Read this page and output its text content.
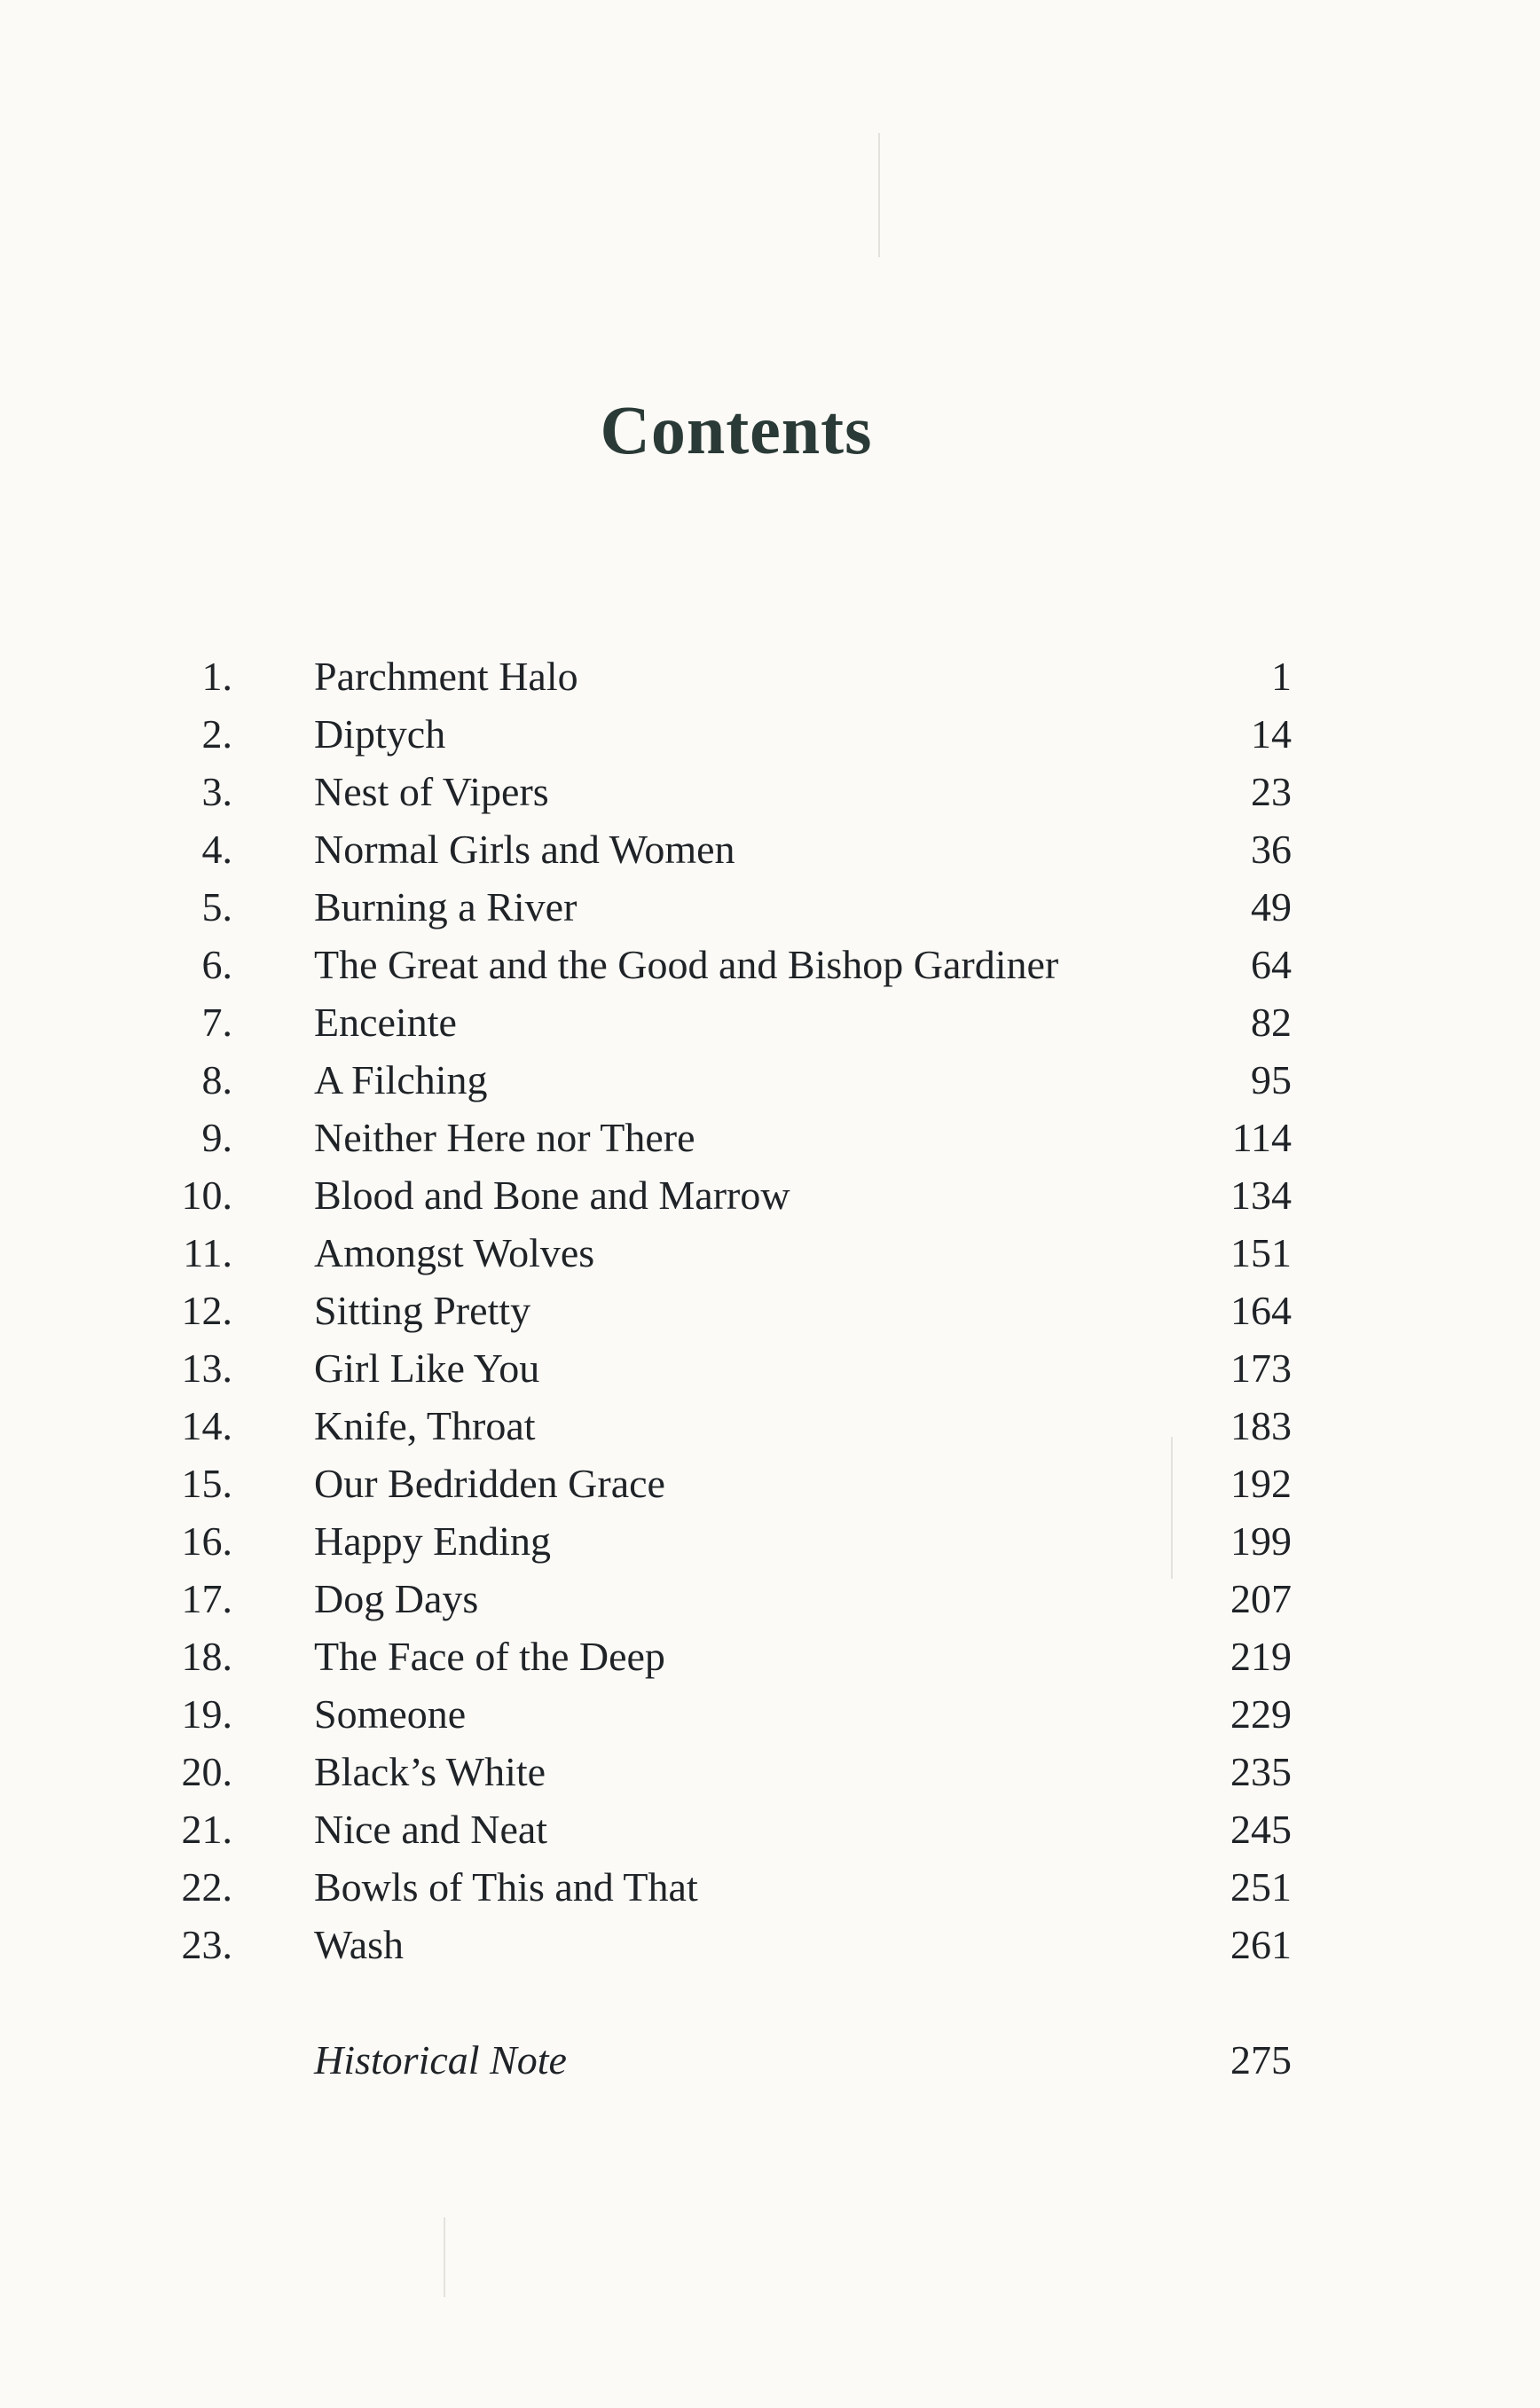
Contents
1. Parchment Halo	1
2. Diptych	14
3. Nest of Vipers	23
4. Normal Girls and Women	36
5. Burning a River	49
6. The Great and the Good and Bishop Gardiner	64
7. Enceinte	82
8. A Filching	95
9. Neither Here nor There	114
10. Blood and Bone and Marrow	134
11. Amongst Wolves	151
12. Sitting Pretty	164
13. Girl Like You	173
14. Knife, Throat	183
15. Our Bedridden Grace	192
16. Happy Ending	199
17. Dog Days	207
18. The Face of the Deep	219
19. Someone	229
20. Black’s White	235
21. Nice and Neat	245
22. Bowls of This and That	251
23. Wash	261
Historical Note	275
